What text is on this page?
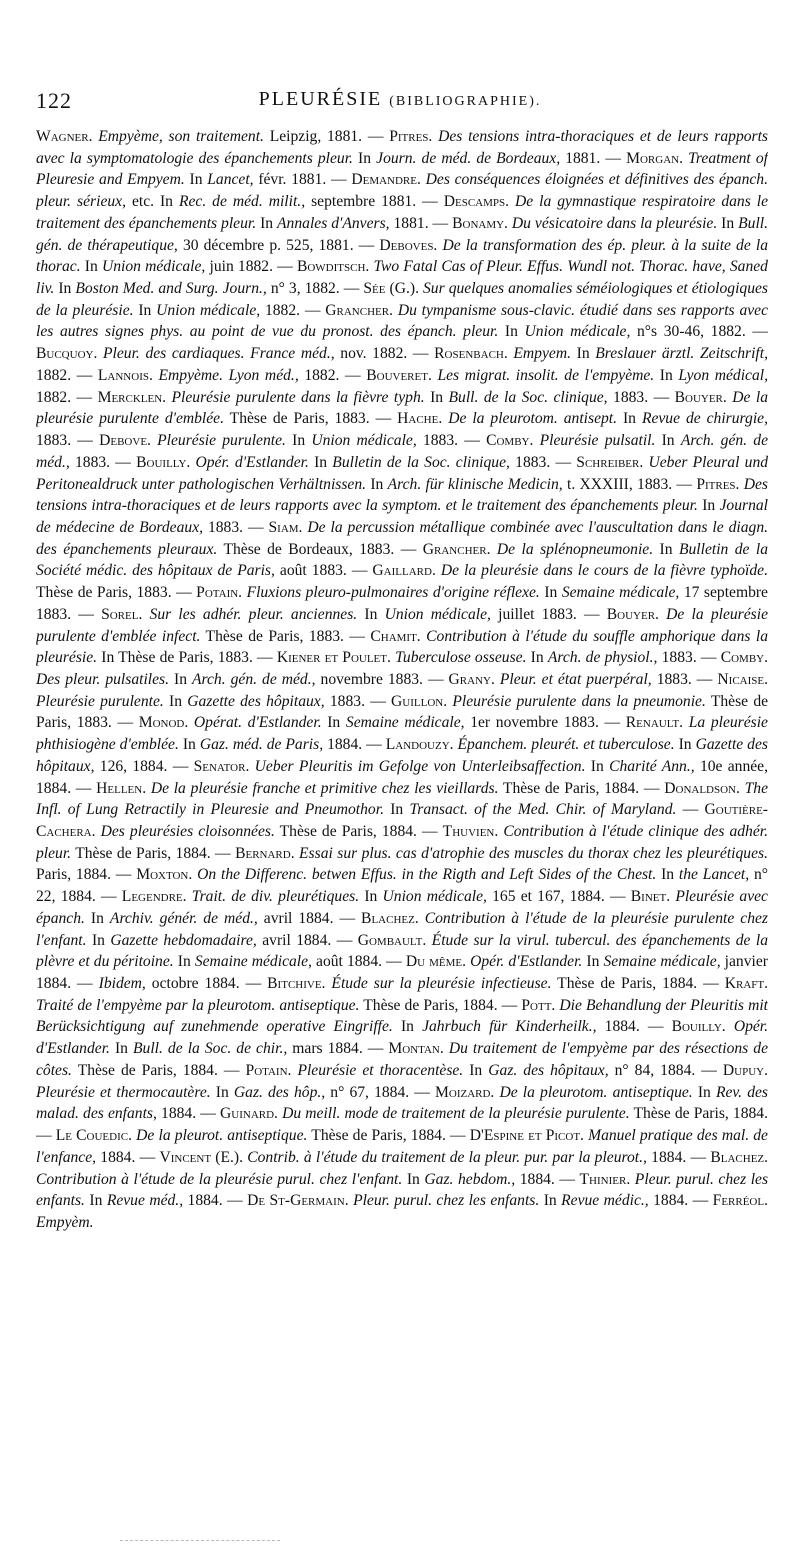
122	PLEURÉSIE (BIBLIOGRAPHIE).

Wagner. Empyème, son traitement. Leipzig, 1881. — Pitres. Des tensions intra-thoraciques et de leurs rapports avec la symptomatologie des épanchements pleur. In Journ. de méd. de Bordeaux, 1881. — Morgan. Treatment of Pleuresie and Empyem. In Lancet, févr. 1881. — Demandre. Des conséquences éloignées et définitives des épanch. pleur. sérieux, etc. In Rec. de méd. milit., septembre 1881. — Descamps. De la gymnastique respiratoire dans le traitement des épanchements pleur. In Annales d'Anvers, 1881. — Bonamy. Du vésicatoire dans la pleurésie. In Bull. gén. de thérapeutique, 30 décembre p. 525, 1881. — Deboves. De la transformation des ép. pleur. à la suite de la thorac. In Union médicale, juin 1882. — Bowditsch. Two Fatal Cas of Pleur. Effus. Wundl not. Thorac. have, Saned liv. In Boston Med. and Surg. Journ., n° 3, 1882. — Sée (G.). Sur quelques anomalies séméiologiques et étiologiques de la pleurésie. In Union médicale, 1882. — Grancher. Du tympanisme sous-clavic. étudié dans ses rapports avec les autres signes phys. au point de vue du pronost. des épanch. pleur. In Union médicale, n°s 30-46, 1882. — Bucquoy. Pleur. des cardiaques. France méd., nov. 1882. — Rosenbach. Empyem. In Breslauer ärztl. Zeitschrift, 1882. — Lannois. Empyème. Lyon méd., 1882. — Bouveret. Les migrat. insolit. de l'empyème. In Lyon médical, 1882. — Mercklen. Pleurésie purulente dans la fièvre typh. In Bull. de la Soc. clinique, 1883. — Bouyer. De la pleurésie purulente d'emblée. Thèse de Paris, 1883. — Hache. De la pleurotom. antisept. In Revue de chirurgie, 1883. — Debove. Pleurésie purulente. In Union médicale, 1883. — Comby. Pleurésie pulsatil. In Arch. gén. de méd., 1883. — Bouilly. Opér. d'Estlander. In Bulletin de la Soc. clinique, 1883. — Schreiber. Ueber Pleural und Peritonealdruck unter pathologischen Verhältnissen. In Arch. für klinische Medicin, t. XXXIII, 1883. — Pitres. Des tensions intra-thoraciques et de leurs rapports avec la symptom. et le traitement des épanchements pleur. In Journal de médecine de Bordeaux, 1883. — Siam. De la percussion métallique combinée avec l'auscultation dans le diagn. des épanchements pleuraux. Thèse de Bordeaux, 1883. — Grancher. De la splénopneumonie. In Bulletin de la Société médic. des hôpitaux de Paris, août 1883. — Gaillard. De la pleurésie dans le cours de la fièvre typhoïde. Thèse de Paris, 1883. — Potain. Fluxions pleuro-pulmonaires d'origine réflexe. In Semaine médicale, 17 septembre 1883. — Sorel. Sur les adhér. pleur. anciennes. In Union médicale, juillet 1883. — Bouyer. De la pleurésie purulente d'emblée infect. Thèse de Paris, 1883. — Chamit. Contribution à l'étude du souffle amphorique dans la pleurésie. In Thèse de Paris, 1883. — Kiener et Poulet. Tuberculose osseuse. In Arch. de physiol., 1883. — Comby. Des pleur. pulsatiles. In Arch. gén. de méd., novembre 1883. — Grany. Pleur. et état puerpéral, 1883. — Nicaise. Pleurésie purulente. In Gazette des hôpitaux, 1883. — Guillon. Pleurésie purulente dans la pneumonie. Thèse de Paris, 1883. — Monod. Opérat. d'Estlander. In Semaine médicale, 1er novembre 1883. — Renault. La pleurésie phthisiogène d'emblée. In Gaz. méd. de Paris, 1884. — Landouzy. Épanchem. pleurét. et tuberculose. In Gazette des hôpitaux, 126, 1884. — Senator. Ueber Pleuritis im Gefolge von Unterleibsaffection. In Charité Ann., 10e année, 1884. — Hellen. De la pleurésie franche et primitive chez les vieillards. Thèse de Paris, 1884. — Donaldson. The Infl. of Lung Retractily in Pleuresie and Pneumothor. In Transact. of the Med. Chir. of Maryland. — Goutière-Cachera. Des pleurésies cloisonnées. Thèse de Paris, 1884. — Thuvien. Contribution à l'étude clinique des adhér. pleur. Thèse de Paris, 1884. — Bernard. Essai sur plus. cas d'atrophie des muscles du thorax chez les pleurétiques. Paris, 1884. — Moxton. On the Differenc. betwen Effus. in the Rigth and Left Sides of the Chest. In the Lancet, n° 22, 1884. — Legendre. Trait. de div. pleurétiques. In Union médicale, 165 et 167, 1884. — Binet. Pleurésie avec épanch. In Archiv. génér. de méd., avril 1884. — Blachez. Contribution à l'étude de la pleurésie purulente chez l'enfant. In Gazette hebdomadaire, avril 1884. — Gombault. Étude sur la virul. tubercul. des épanchements de la plèvre et du péritoine. In Semaine médicale, août 1884. — Du même. Opér. d'Estlander. In Semaine médicale, janvier 1884. — Ibidem, octobre 1884. — Bitchive. Étude sur la pleurésie infectieuse. Thèse de Paris, 1884. — Kraft. Traité de l'empyème par la pleurotom. antiseptique. Thèse de Paris, 1884. — Pott. Die Behandlung der Pleuritis mit Berücksichtigung auf zunehmende operative Eingriffe. In Jahrbuch für Kinderheilk., 1884. — Bouilly. Opér. d'Estlander. In Bull. de la Soc. de chir., mars 1884. — Montan. Du traitement de l'empyème par des résections de côtes. Thèse de Paris, 1884. — Potain. Pleurésie et thoracentèse. In Gaz. des hôpitaux, n° 84, 1884. — Dupuy. Pleurésie et thermocautère. In Gaz. des hôp., n° 67, 1884. — Moizard. De la pleurotom. antiseptique. In Rev. des malad. des enfants, 1884. — Guinard. Du meill. mode de traitement de la pleurésie purulente. Thèse de Paris, 1884. — Le Couedic. De la pleurot. antiseptique. Thèse de Paris, 1884. — D'Espine et Picot. Manuel pratique des mal. de l'enfance, 1884. — Vincent (E.). Contrib. à l'étude du traitement de la pleur. pur. par la pleurot., 1884. — Blachez. Contribution à l'étude de la pleurésie purul. chez l'enfant. In Gaz. hebdom., 1884. — Thinier. Pleur. purul. chez les enfants. In Revue méd., 1884. — De St-Germain. Pleur. purul. chez les enfants. In Revue médic., 1884. — Ferréol. Empyèm.
